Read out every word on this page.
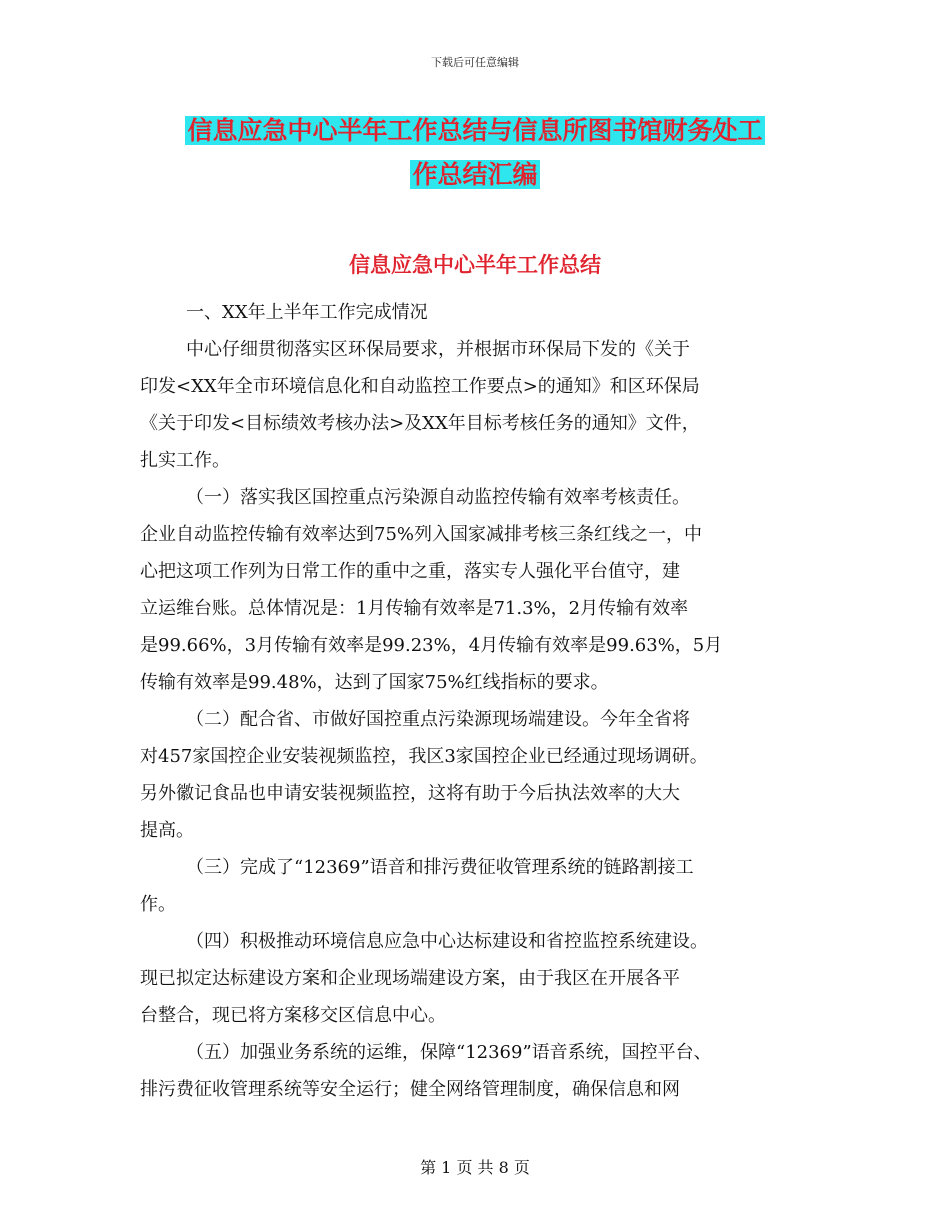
下载后可任意编辑
信息应急中心半年工作总结与信息所图书馆财务处工
作总结汇编
信息应急中心半年工作总结
一、XX年上半年工作完成情况
中心仔细贯彻落实区环保局要求，并根据市环保局下发的《关于
印发<XX年全市环境信息化和自动监控工作要点>的通知》和区环保局
《关于印发<目标绩效考核办法>及XX年目标考核任务的通知》文件，
扎实工作。
（一）落实我区国控重点污染源自动监控传输有效率考核责任。
企业自动监控传输有效率达到75%列入国家减排考核三条红线之一，中
心把这项工作列为日常工作的重中之重，落实专人强化平台值守，建
立运维台账。总体情况是：1月传输有效率是71.3%，2月传输有效率
是99.66%，3月传输有效率是99.23%，4月传输有效率是99.63%，5月
传输有效率是99.48%，达到了国家75%红线指标的要求。
（二）配合省、市做好国控重点污染源现场端建设。今年全省将
对457家国控企业安装视频监控，我区3家国控企业已经通过现场调研。
另外徽记食品也申请安装视频监控，这将有助于今后执法效率的大大
提高。
（三）完成了“12369”语音和排污费征收管理系统的链路割接工
作。
（四）积极推动环境信息应急中心达标建设和省控监控系统建设。
现已拟定达标建设方案和企业现场端建设方案，由于我区在开展各平
台整合，现已将方案移交区信息中心。
（五）加强业务系统的运维，保障“12369”语音系统，国控平台、
排污费征收管理系统等安全运行；健全网络管理制度，确保信息和网
第 1 页 共 8 页
